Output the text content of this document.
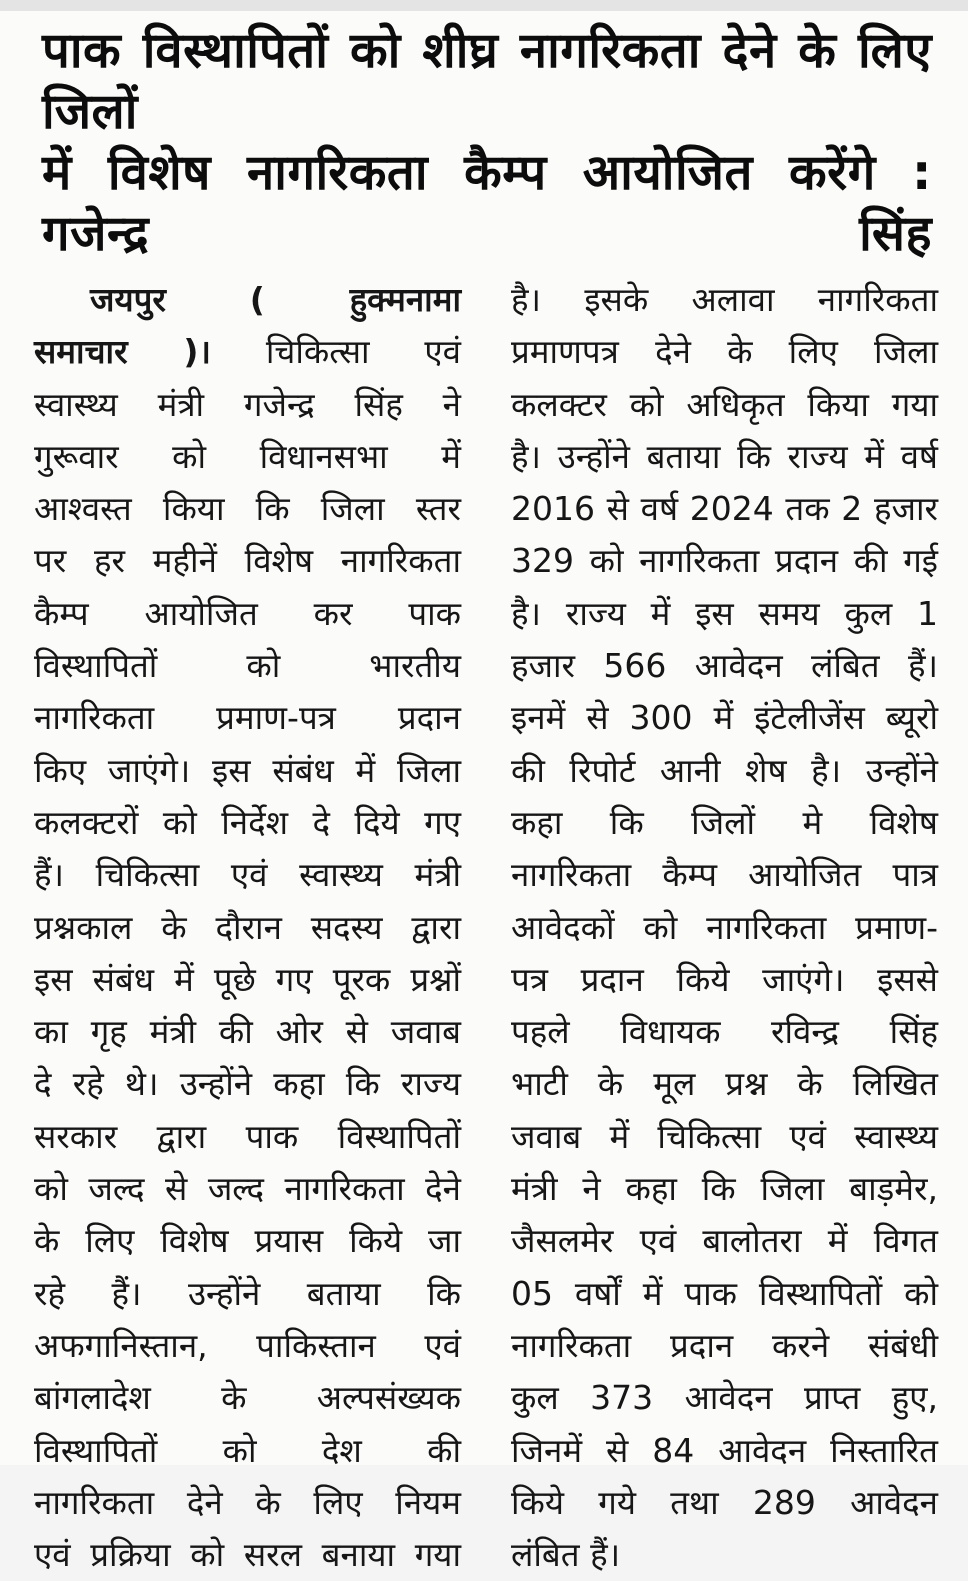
पाक विस्थापितों को शीघ्र नागरिकता देने के लिए जिलों
में विशेष नागरिकता कैम्प आयोजित करेंगे : गजेन्द्र सिंह
जयपुर	( हुक्मनामा
समाचार )। चिकित्सा एवं
स्वास्थ्य मंत्री गजेन्द्र सिंह ने
गुरूवार को विधानसभा में
आश्वस्त किया कि जिला स्तर
पर हर महीनें विशेष नागरिकता
कैम्प आयोजित कर पाक
विस्थापितों को भारतीय
नागरिकता प्रमाण-पत्र प्रदान
किए जाएंगे। इस संबंध में जिला
कलक्टरों को निर्देश दे दिये गए
हैं। चिकित्सा एवं स्वास्थ्य मंत्री
प्रश्नकाल के दौरान सदस्य द्वारा
इस संबंध में पूछे गए पूरक प्रश्नों
का गृह मंत्री की ओर से जवाब
दे रहे थे। उन्होंने कहा कि राज्य
सरकार द्वारा पाक विस्थापितों
को जल्द से जल्द नागरिकता देने
के लिए विशेष प्रयास किये जा
रहे हैं। उन्होंने बताया कि
अफगानिस्तान, पाकिस्तान एवं
बांगलादेश के अल्पसंख्यक
विस्थापितों को देश की
नागरिकता देने के लिए नियम
एवं प्रक्रिया को सरल बनाया गया
है। इसके अलावा नागरिकता
प्रमाणपत्र देने के लिए जिला
कलक्टर को अधिकृत किया गया
है। उन्होंने बताया कि राज्य में वर्ष
2016 से वर्ष 2024 तक 2 हजार
329 को नागरिकता प्रदान की गई
है। राज्य में इस समय कुल 1
हजार 566 आवेदन लंबित हैं।
इनमें से 300 में इंटेलीजेंस ब्यूरो
की रिपोर्ट आनी शेष है। उन्होंने
कहा कि जिलों मे विशेष
नागरिकता कैम्प आयोजित पात्र
आवेदकों को नागरिकता प्रमाण-
पत्र प्रदान किये जाएंगे। इससे
पहले विधायक रविन्द्र सिंह
भाटी के मूल प्रश्न के लिखित
जवाब में चिकित्सा एवं स्वास्थ्य
मंत्री ने कहा कि जिला बाड़मेर,
जैसलमेर एवं बालोतरा में विगत
05 वर्षों में पाक विस्थापितों को
नागरिकता प्रदान करने संबंधी
कुल 373 आवेदन प्राप्त हुए,
जिनमें से 84 आवेदन निस्तारित
किये गये तथा 289 आवेदन
लंबित हैं।
